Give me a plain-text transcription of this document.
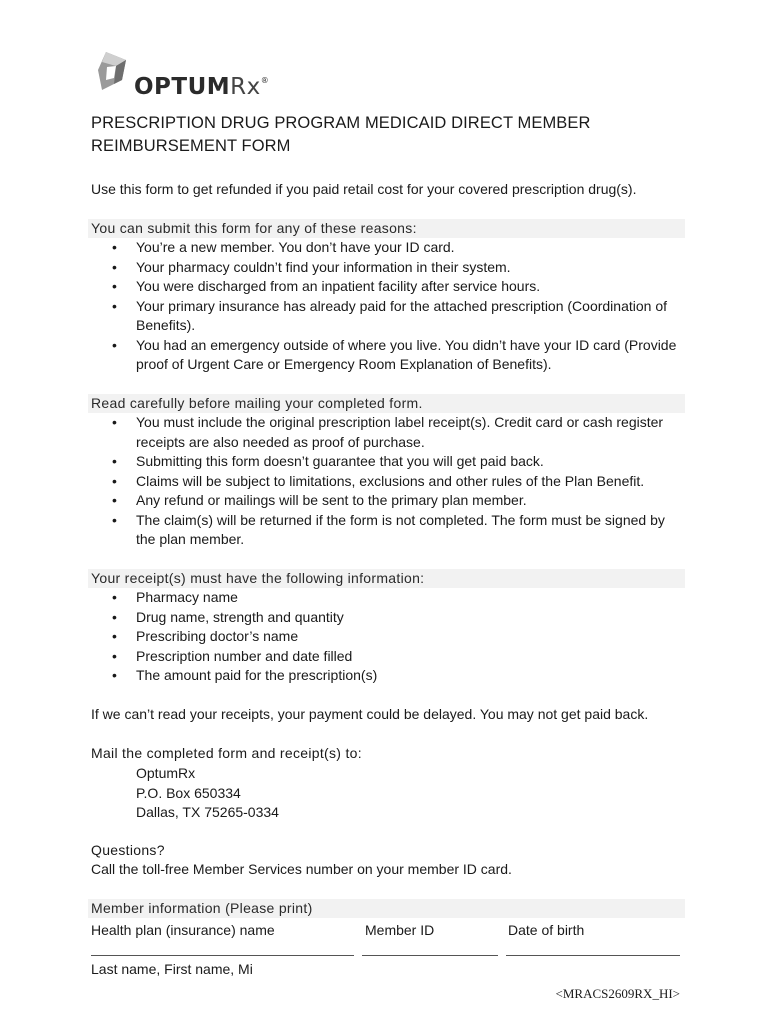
OPTUMRx®
PRESCRIPTION DRUG PROGRAM MEDICAID DIRECT MEMBER REIMBURSEMENT FORM
Use this form to get refunded if you paid retail cost for your covered prescription drug(s).
You can submit this form for any of these reasons:
• You’re a new member. You don’t have your ID card.
• Your pharmacy couldn’t find your information in their system.
• You were discharged from an inpatient facility after service hours.
• Your primary insurance has already paid for the attached prescription (Coordination of Benefits).
• You had an emergency outside of where you live. You didn’t have your ID card (Provide proof of Urgent Care or Emergency Room Explanation of Benefits).
Read carefully before mailing your completed form.
• You must include the original prescription label receipt(s). Credit card or cash register receipts are also needed as proof of purchase.
• Submitting this form doesn’t guarantee that you will get paid back.
• Claims will be subject to limitations, exclusions and other rules of the Plan Benefit.
• Any refund or mailings will be sent to the primary plan member.
• The claim(s) will be returned if the form is not completed. The form must be signed by the plan member.
Your receipt(s) must have the following information:
• Pharmacy name
• Drug name, strength and quantity
• Prescribing doctor’s name
• Prescription number and date filled
• The amount paid for the prescription(s)
If we can’t read your receipts, your payment could be delayed. You may not get paid back.
Mail the completed form and receipt(s) to:
OptumRx
P.O. Box 650334
Dallas, TX 75265-0334
Questions?
Call the toll-free Member Services number on your member ID card.
Member information (Please print)
Health plan (insurance) name	Member ID	Date of birth
Last name, First name, Mi
<MRACS2609RX_HI>
